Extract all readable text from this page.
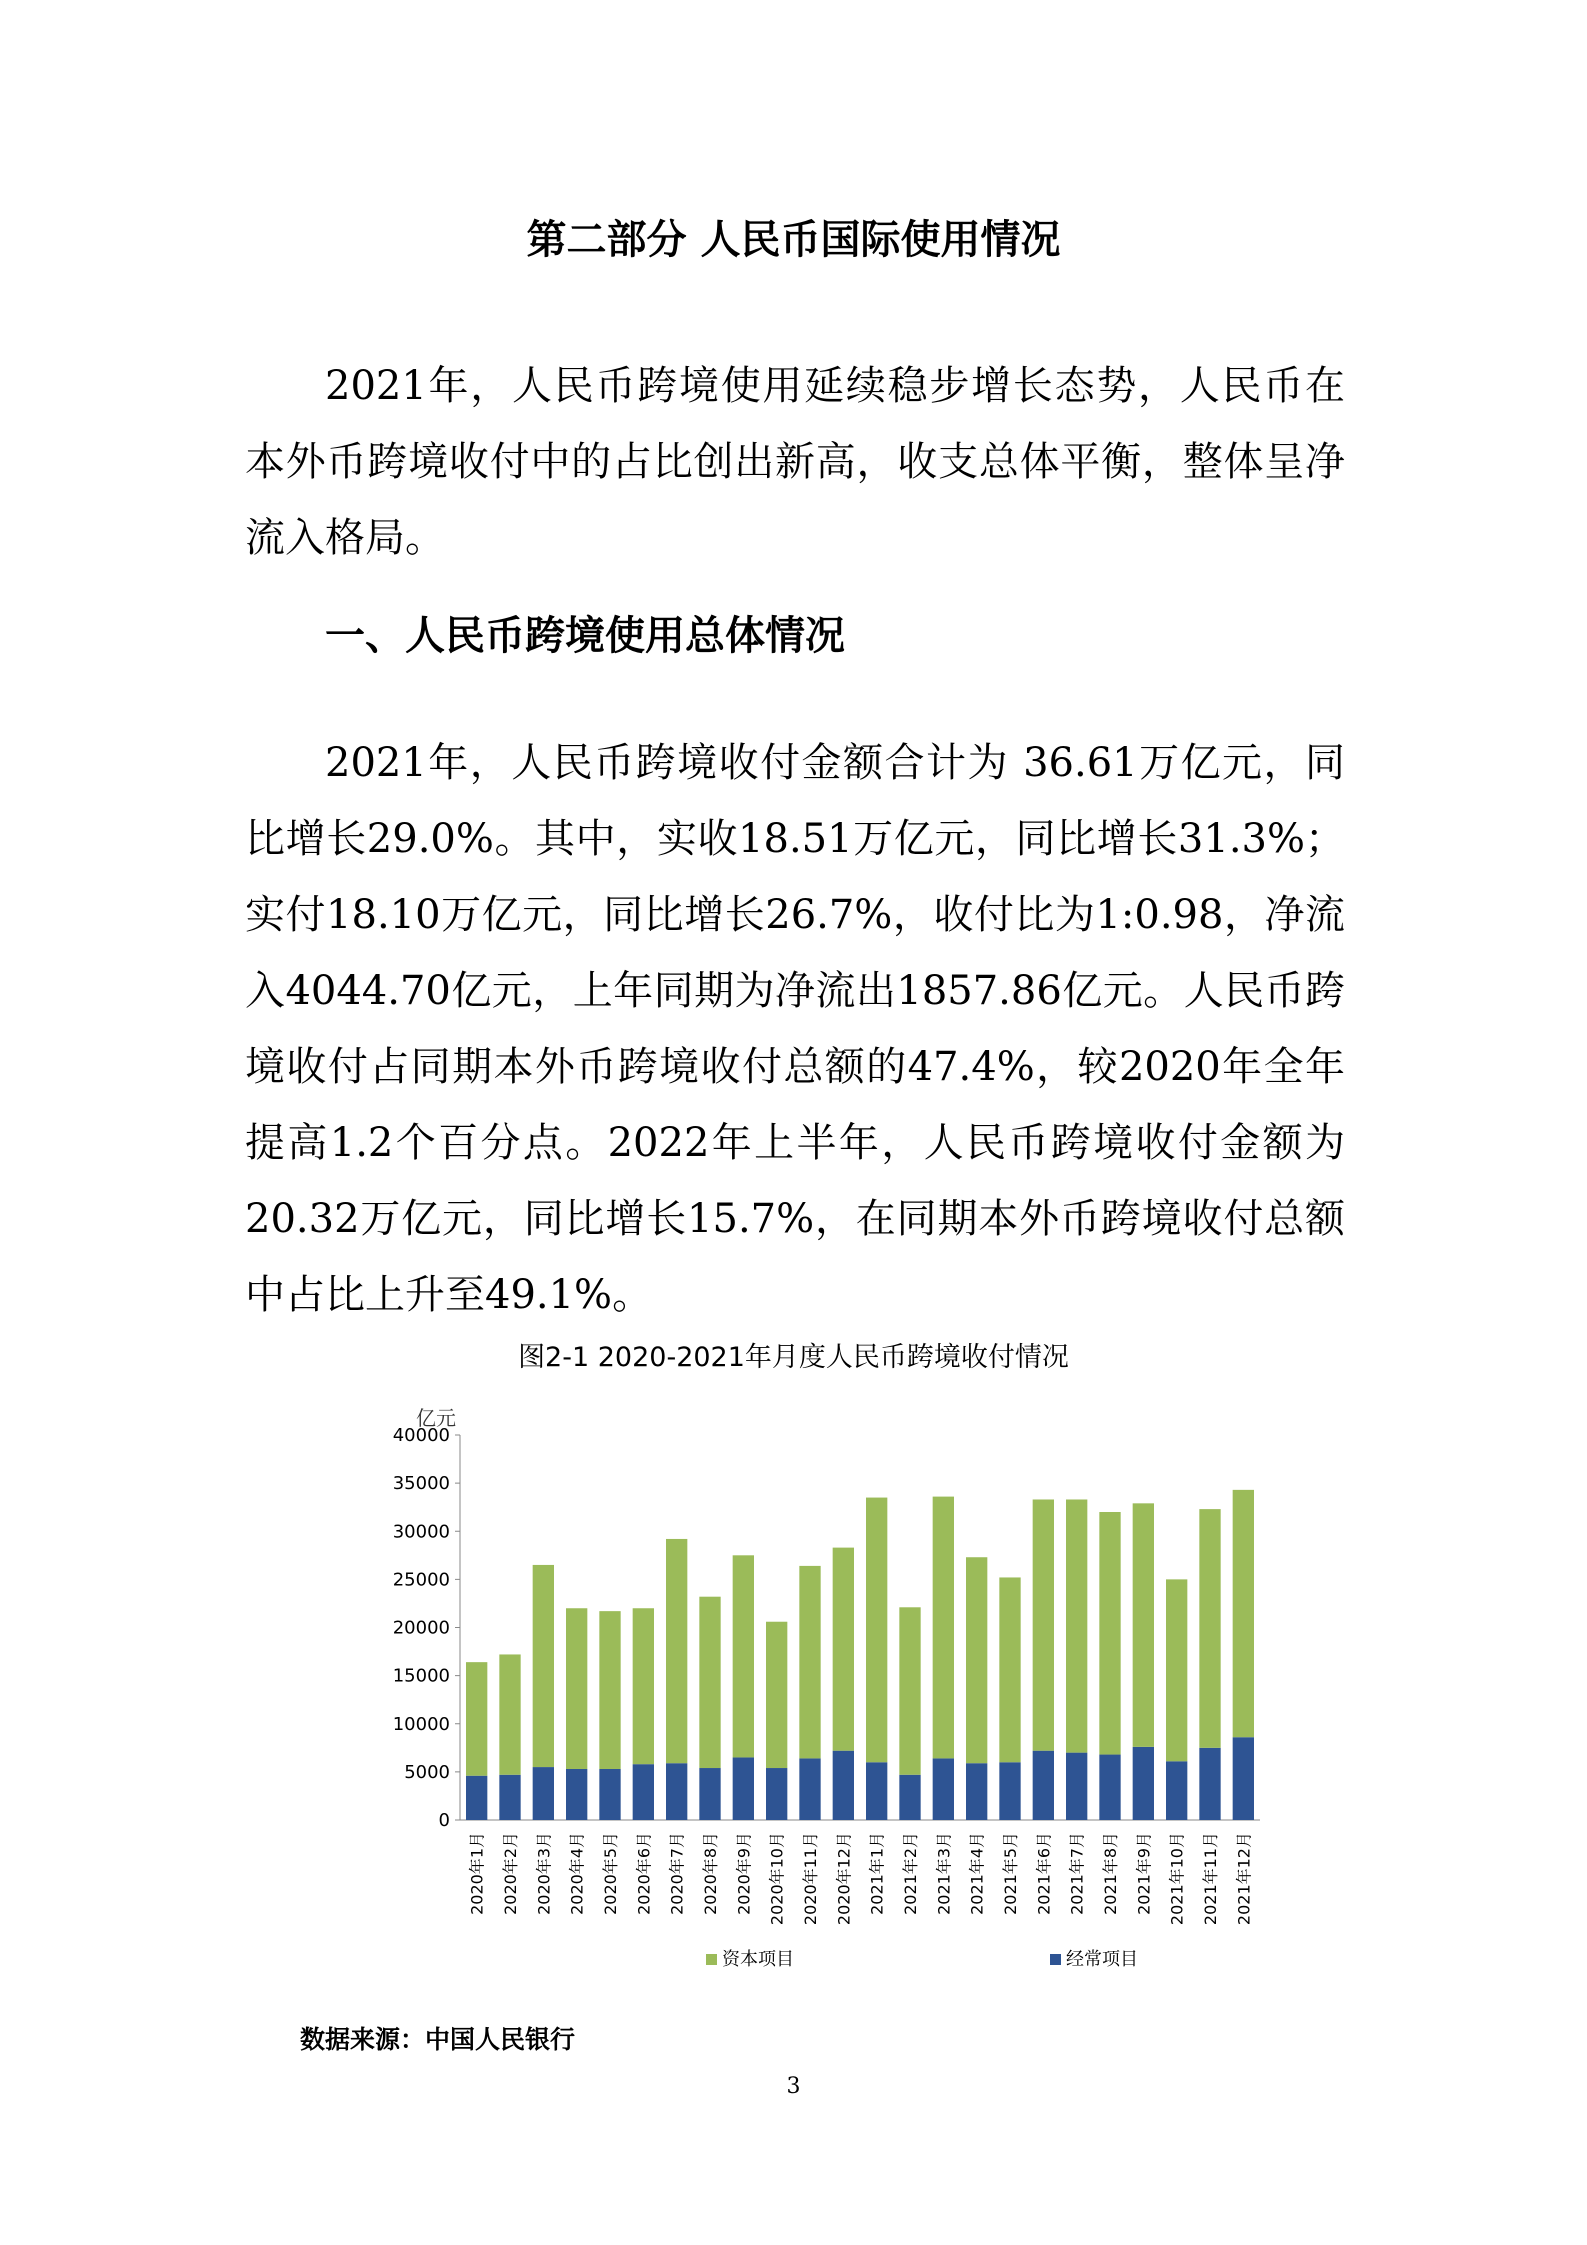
第二部分 人民币国际使用情况

2021年，人民币跨境使用延续稳步增长态势，人民币在本外币跨境收付中的占比创出新高，收支总体平衡，整体呈净流入格局。

一、人民币跨境使用总体情况

2021年，人民币跨境收付金额合计为 36.61万亿元，同比增长29.0%。其中，实收18.51万亿元，同比增长31.3%；实付18.10万亿元，同比增长26.7%，收付比为1:0.98，净流入4044.70亿元，上年同期为净流出1857.86亿元。人民币跨境收付占同期本外币跨境收付总额的47.4%，较2020年全年提高1.2个百分点。2022年上半年，人民币跨境收付金额为20.32万亿元，同比增长15.7%，在同期本外币跨境收付总额中占比上升至49.1%。

图2-1 2020-2021年月度人民币跨境收付情况
亿元
0
5000
10000
15000
20000
25000
30000
35000
40000
2020年1月 2020年2月 2020年3月 2020年4月 2020年5月 2020年6月 2020年7月 2020年8月 2020年9月 2020年10月 2020年11月 2020年12月 2021年1月 2021年2月 2021年3月 2021年4月 2021年5月 2021年6月 2021年7月 2021年8月 2021年9月 2021年10月 2021年11月 2021年12月
资本项目	经常项目
数据来源：中国人民银行
3
